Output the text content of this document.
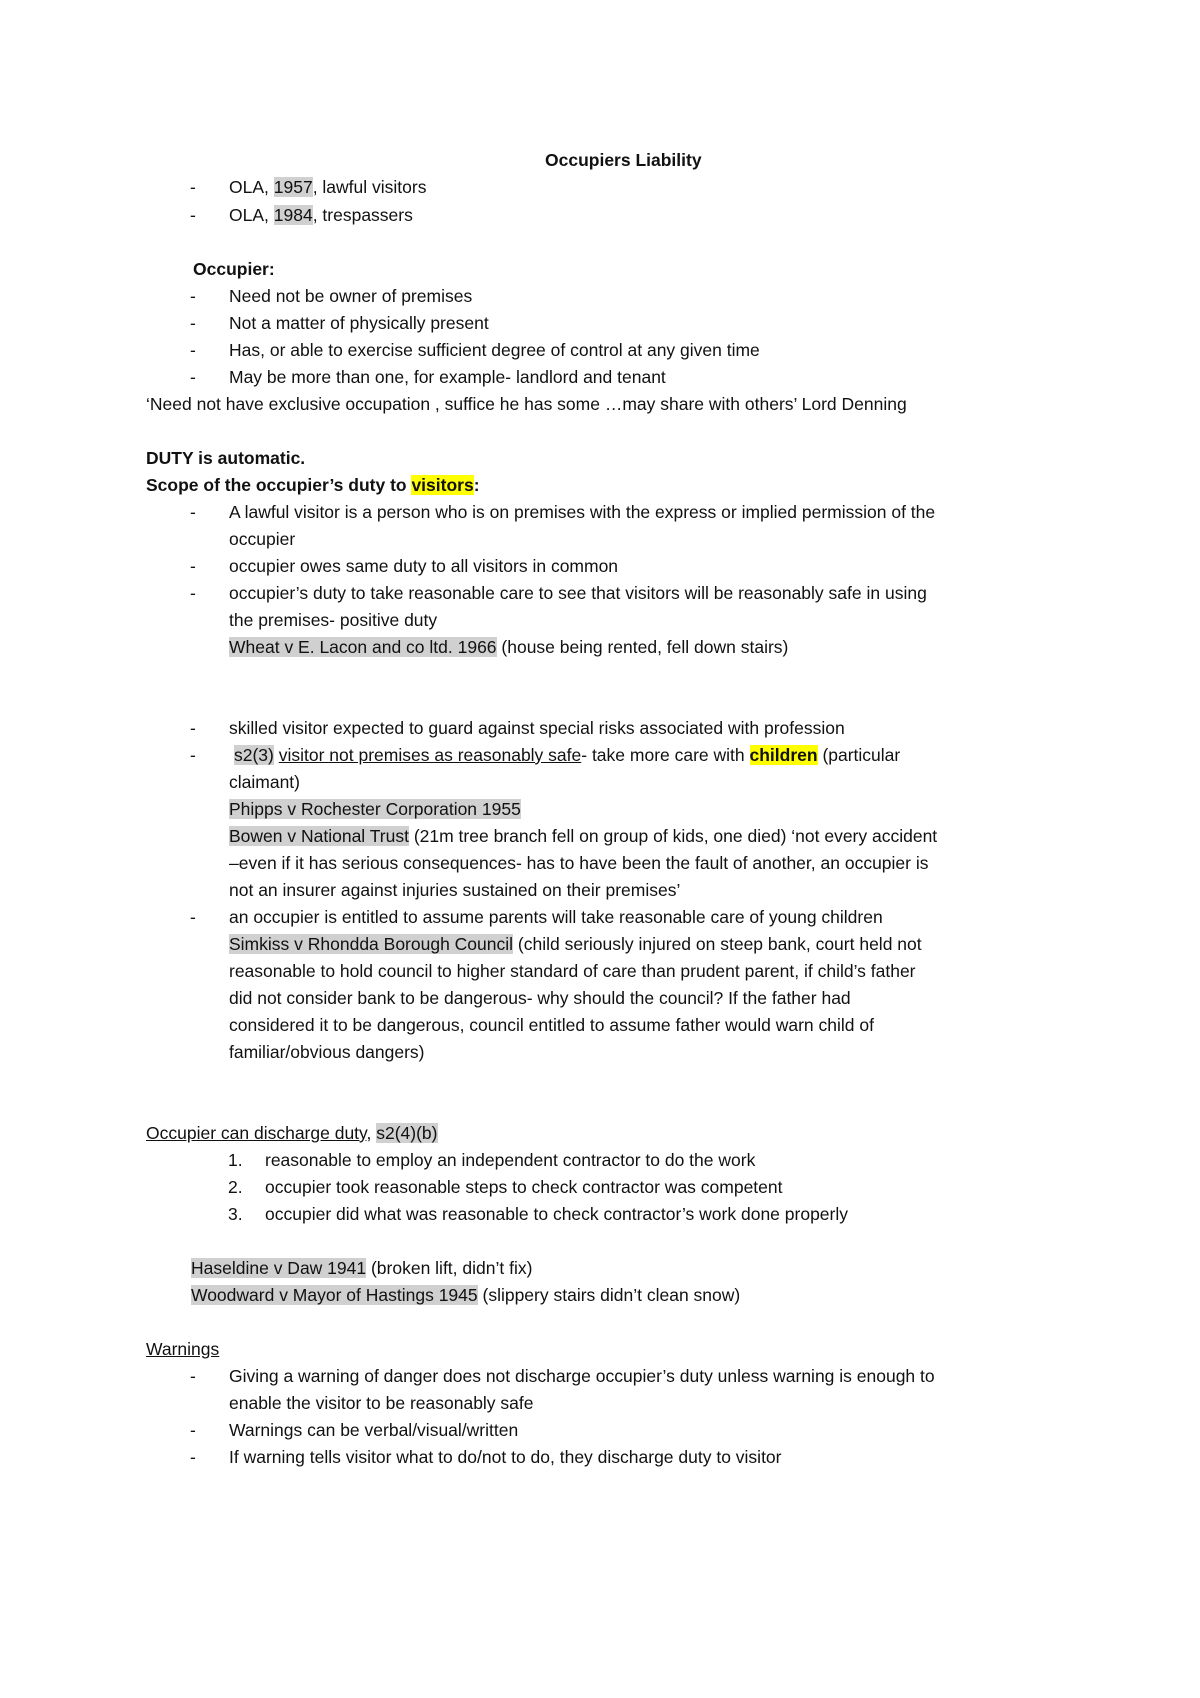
Occupiers Liability
- OLA, 1957, lawful visitors
- OLA, 1984, trespassers
Occupier:
- Need not be owner of premises
- Not a matter of physically present
- Has, or able to exercise sufficient degree of control at any given time
- May be more than one, for example- landlord and tenant
‘Need not have exclusive occupation , suffice he has some …may share with others’ Lord Denning
DUTY is automatic.
Scope of the occupier’s duty to visitors:
- A lawful visitor is a person who is on premises with the express or implied permission of the
occupier
- occupier owes same duty to all visitors in common
- occupier’s duty to take reasonable care to see that visitors will be reasonably safe in using
the premises- positive duty
Wheat v E. Lacon and co ltd. 1966 (house being rented, fell down stairs)
- skilled visitor expected to guard against special risks associated with profession
- s2(3) visitor not premises as reasonably safe- take more care with children (particular
claimant)
Phipps v Rochester Corporation 1955
Bowen v National Trust (21m tree branch fell on group of kids, one died) ‘not every accident
–even if it has serious consequences- has to have been the fault of another, an occupier is
not an insurer against injuries sustained on their premises’
- an occupier is entitled to assume parents will take reasonable care of young children
Simkiss v Rhondda Borough Council (child seriously injured on steep bank, court held not
reasonable to hold council to higher standard of care than prudent parent, if child’s father
did not consider bank to be dangerous- why should the council? If the father had
considered it to be dangerous, council entitled to assume father would warn child of
familiar/obvious dangers)
Occupier can discharge duty, s2(4)(b)
1. reasonable to employ an independent contractor to do the work
2. occupier took reasonable steps to check contractor was competent
3. occupier did what was reasonable to check contractor’s work done properly
Haseldine v Daw 1941 (broken lift, didn’t fix)
Woodward v Mayor of Hastings 1945 (slippery stairs didn’t clean snow)
Warnings
- Giving a warning of danger does not discharge occupier’s duty unless warning is enough to
enable the visitor to be reasonably safe
- Warnings can be verbal/visual/written
- If warning tells visitor what to do/not to do, they discharge duty to visitor
